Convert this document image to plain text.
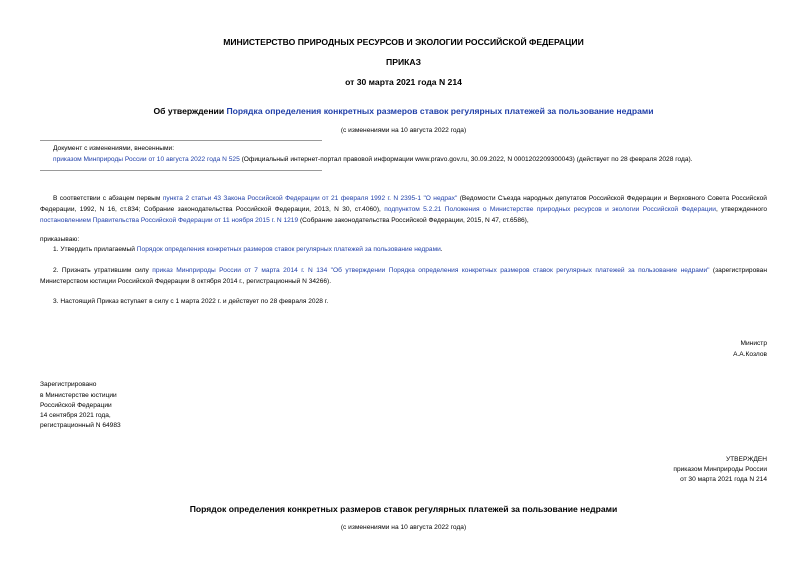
МИНИСТЕРСТВО ПРИРОДНЫХ РЕСУРСОВ И ЭКОЛОГИИ РОССИЙСКОЙ ФЕДЕРАЦИИ
ПРИКАЗ
от 30 марта 2021 года N 214
Об утверждении Порядка определения конкретных размеров ставок регулярных платежей за пользование недрами
(с изменениями на 10 августа 2022 года)
Документ с изменениями, внесенными:
приказом Минприроды России от 10 августа 2022 года N 525 (Официальный интернет-портал правовой информации www.pravo.gov.ru, 30.09.2022, N 0001202209300043) (действует по 28 февраля 2028 года).
В соответствии с абзацем первым пункта 2 статьи 43 Закона Российской Федерации от 21 февраля 1992 г. N 2395-1 "О недрах" (Ведомости Съезда народных депутатов Российской Федерации и Верховного Совета Российской Федерации, 1992, N 16, ст.834; Собрание законодательства Российской Федерации, 2013, N 30, ст.4060), подпунктом 5.2.21 Положения о Министерстве природных ресурсов и экологии Российской Федерации, утвержденного постановлением Правительства Российской Федерации от 11 ноября 2015 г. N 1219 (Собрание законодательства Российской Федерации, 2015, N 47, ст.6586),
приказываю:
1. Утвердить прилагаемый Порядок определения конкретных размеров ставок регулярных платежей за пользование недрами.
2. Признать утратившим силу приказ Минприроды России от 7 марта 2014 г. N 134 "Об утверждении Порядка определения конкретных размеров ставок регулярных платежей за пользование недрами" (зарегистрирован Министерством юстиции Российской Федерации 8 октября 2014 г., регистрационный N 34266).
3. Настоящий Приказ вступает в силу с 1 марта 2022 г. и действует по 28 февраля 2028 г.
Министр
А.А.Козлов
Зарегистрировано
в Министерстве юстиции
Российской Федерации
14 сентября 2021 года,
регистрационный N 64983
УТВЕРЖДЕН
приказом Минприроды России
от 30 марта 2021 года N 214
Порядок определения конкретных размеров ставок регулярных платежей за пользование недрами
(с изменениями на 10 августа 2022 года)
